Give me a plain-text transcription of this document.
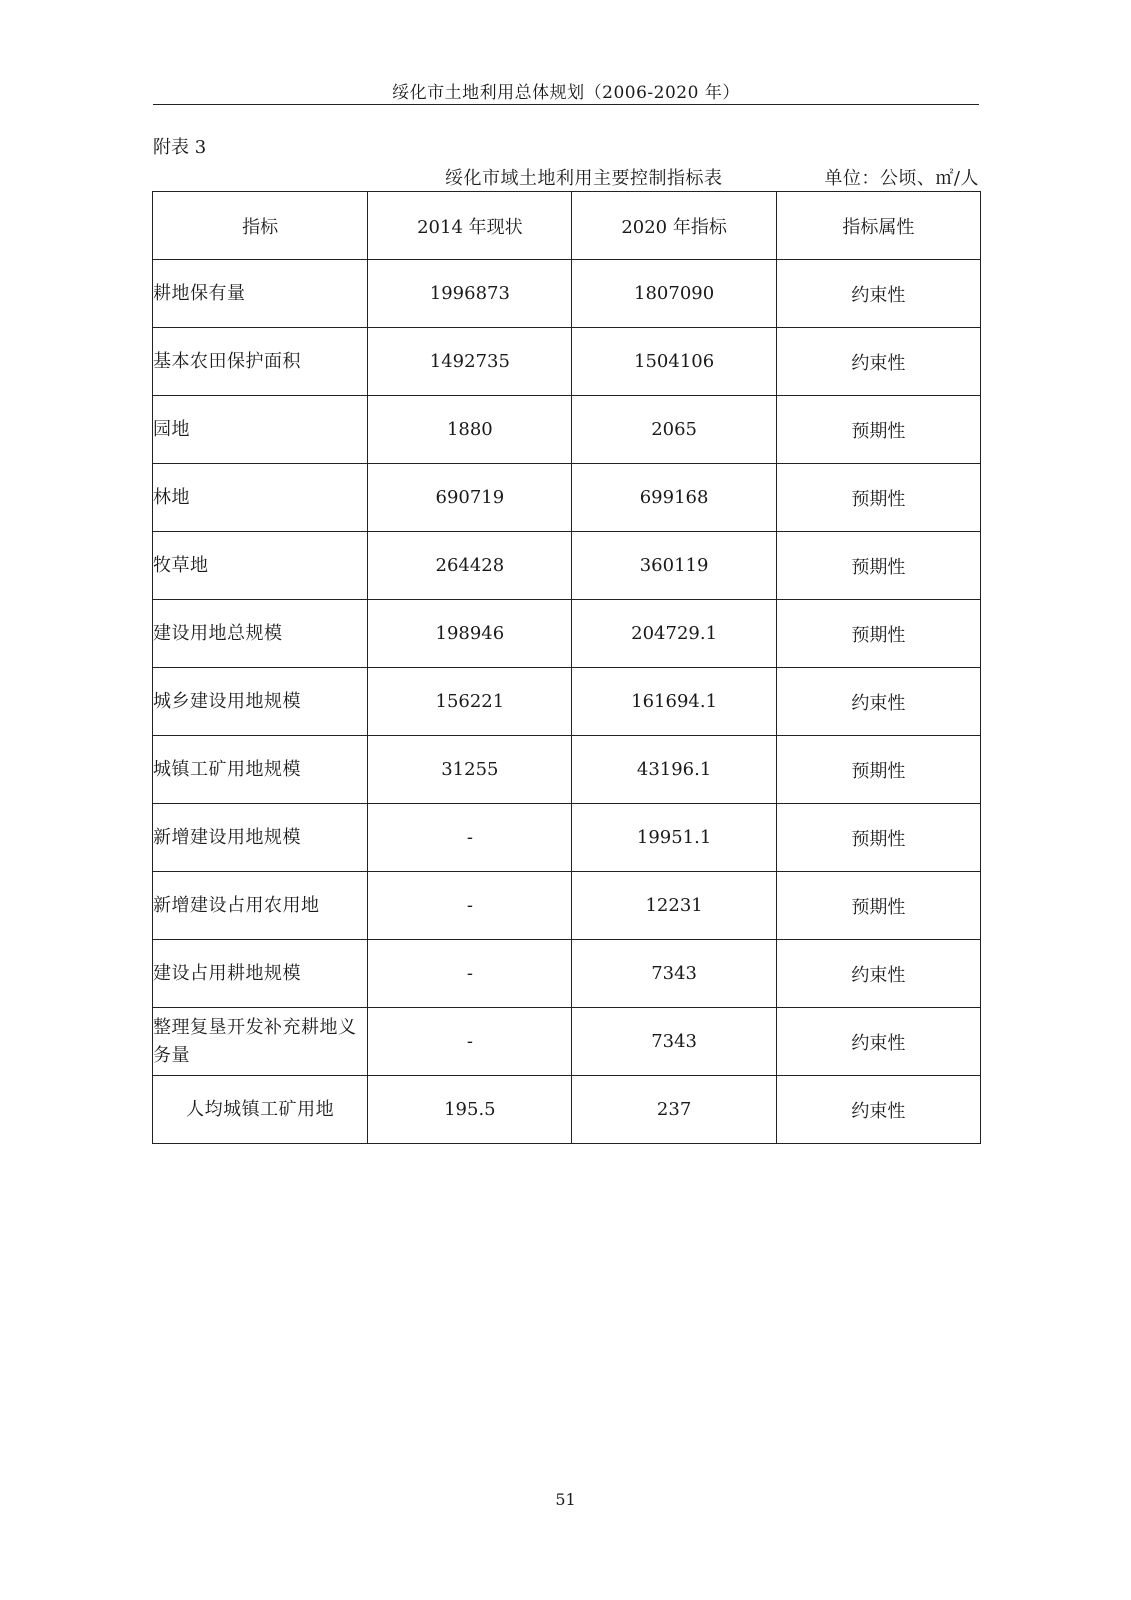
绥化市土地利用总体规划（2006-2020 年）
附表 3
绥化市域土地利用主要控制指标表	单位：公顷、㎡/人
指标	2014 年现状	2020 年指标	指标属性
耕地保有量	1996873	1807090	约束性
基本农田保护面积	1492735	1504106	约束性
园地	1880	2065	预期性
林地	690719	699168	预期性
牧草地	264428	360119	预期性
建设用地总规模	198946	204729.1	预期性
城乡建设用地规模	156221	161694.1	约束性
城镇工矿用地规模	31255	43196.1	预期性
新增建设用地规模	-	19951.1	预期性
新增建设占用农用地	-	12231	预期性
建设占用耕地规模	-	7343	约束性
整理复垦开发补充耕地义务量	-	7343	约束性
人均城镇工矿用地	195.5	237	约束性
51
